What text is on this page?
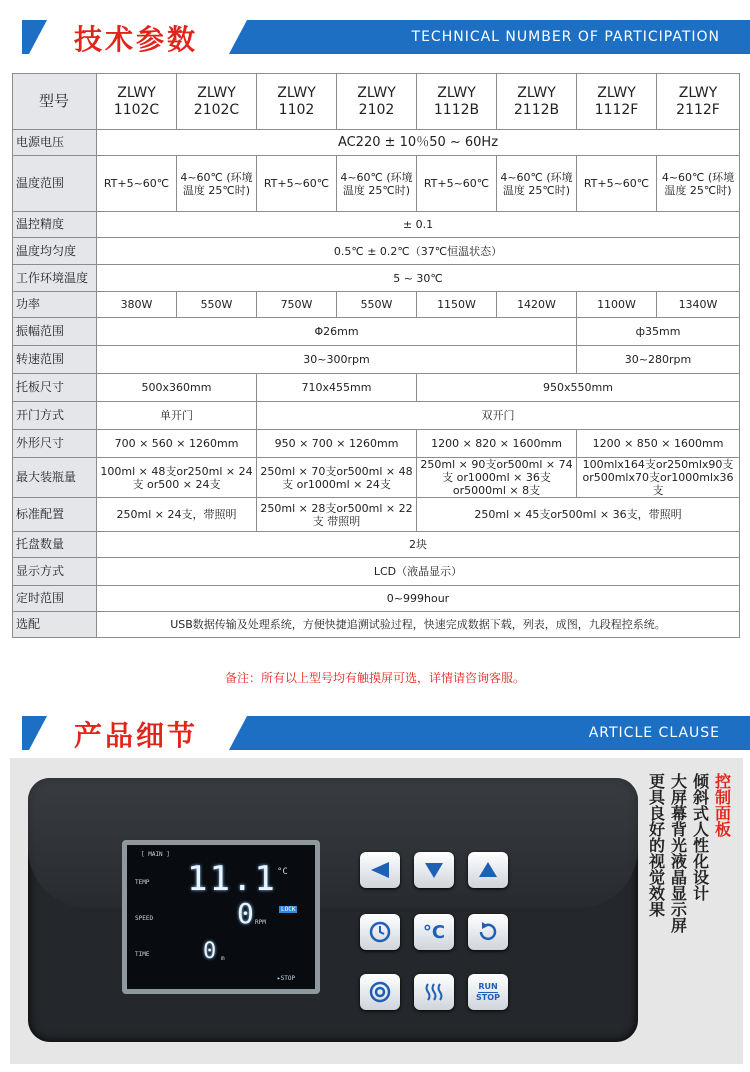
技术参数	TECHNICAL NUMBER OF PARTICIPATION
型号	ZLWY 1102C	ZLWY 2102C	ZLWY 1102	ZLWY 2102	ZLWY 1112B	ZLWY 2112B	ZLWY 1112F	ZLWY 2112F
电源电压	AC220 ± 10％50 ~ 60Hz							
温度范围	RT+5~60℃	4~60℃ (环境温度 25℃时)	RT+5~60℃	4~60℃ (环境温度 25℃时)	RT+5~60℃	4~60℃ (环境温度 25℃时)	RT+5~60℃	4~60℃ (环境温度 25℃时)
温控精度	± 0.1							
温度均匀度	0.5℃ ± 0.2℃（37℃恒温状态）							
工作环境温度	5 ~ 30℃							
功率	380W	550W	750W	550W	1150W	1420W	1100W	1340W
振幅范围	Φ26mm						ф35mm	
转速范围	30~300rpm						30~280rpm	
托板尺寸	500x360mm		710x455mm		950x550mm			
开门方式	单开门		双开门					
外形尺寸	700 × 560 × 1260mm		950 × 700 × 1260mm		1200 × 820 × 1600mm		1200 × 850 × 1600mm	
最大装瓶量	100ml × 48支or250ml × 24支 or500 × 24支		250ml × 70支or500ml × 48支 or1000ml × 24支		250ml × 90支or500ml × 74支 or1000ml × 36支 or5000ml × 8支		100mlx164支or250mlx90支 or500mlx70支or1000mlx36支	
标准配置	250ml × 24支，带照明		250ml × 28支or500ml × 22支 带照明		250ml × 45支or500ml × 36支，带照明			
托盘数量	2块							
显示方式	LCD（液晶显示）							
定时范围	0~999hour							
选配	USB数据传输及处理系统，方便快捷追溯试验过程，快速完成数据下载，列表，成图，九段程控系统。							
备注：所有以上型号均有触摸屏可选，详情请咨询客服。
产品细节	ARTICLE CLAUSE
[ MAIN ]
TEMP 11.1 °C
SPEED	0 RPM
LOCK
TIME 0 m
▸STOP
°C
RUN
STOP
控制面板
倾斜式人性化设计
大屏幕背光液晶显示屏
更具良好的视觉效果
